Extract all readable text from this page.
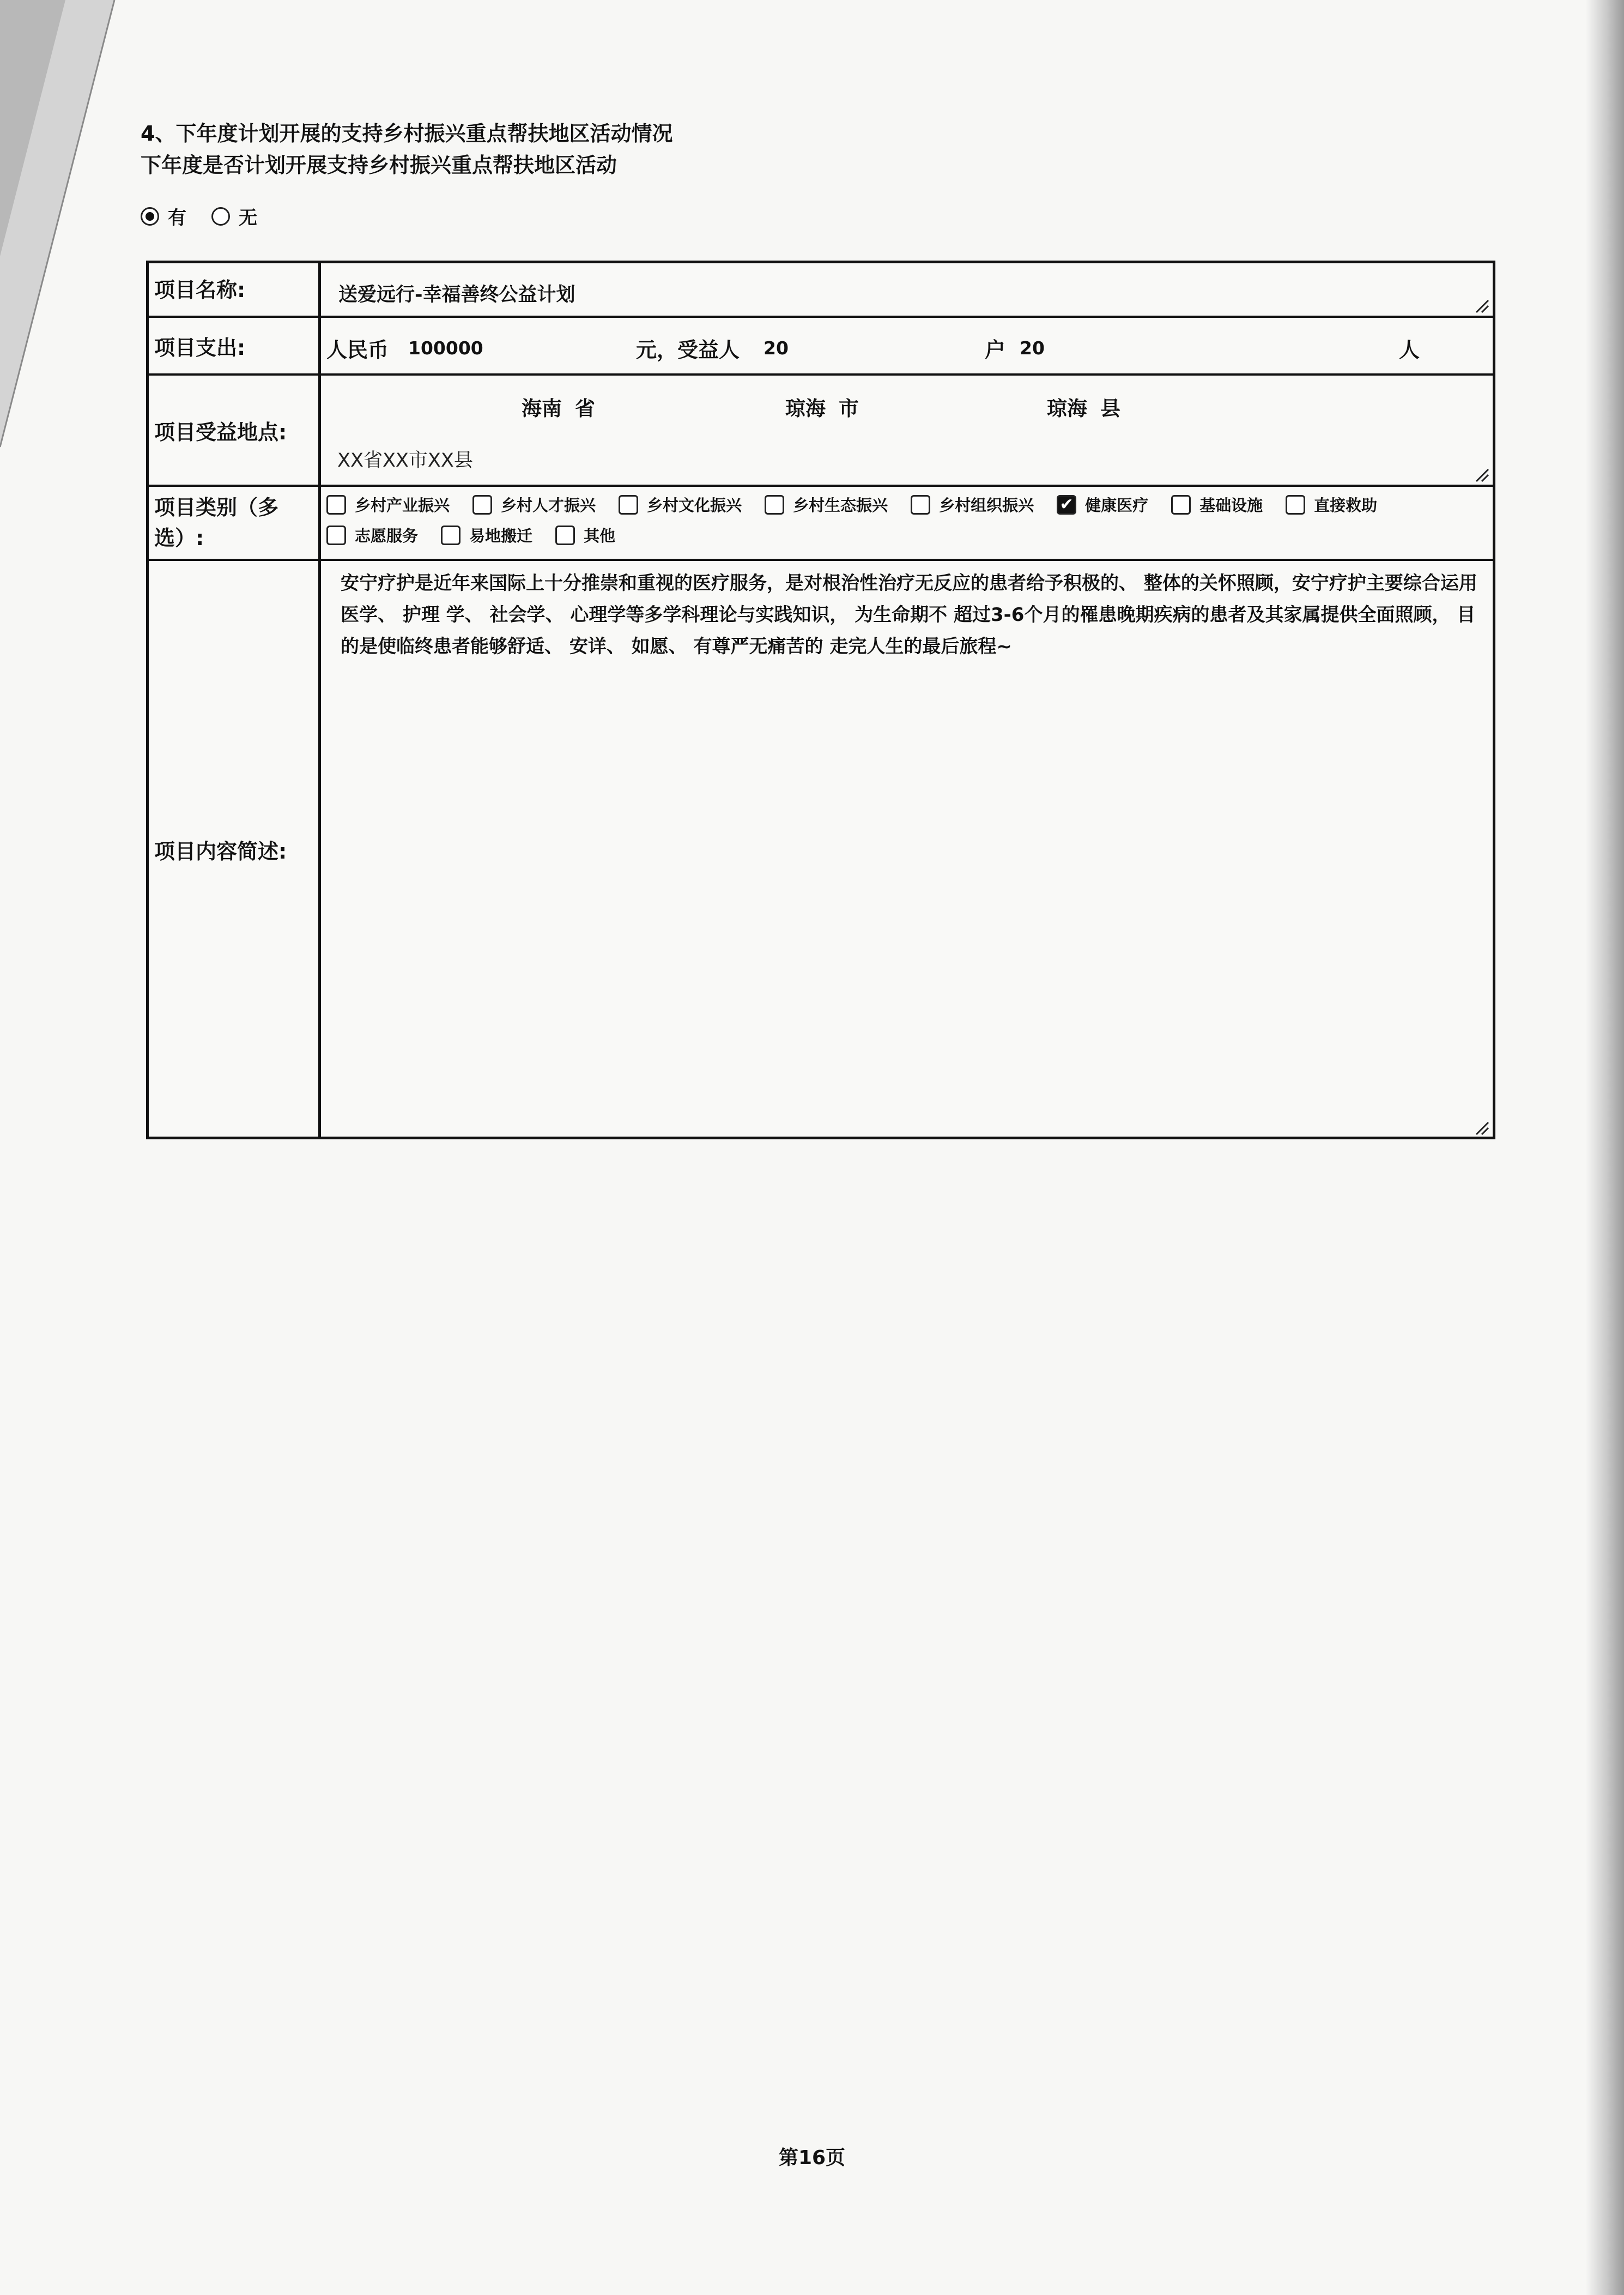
4、下年度计划开展的支持乡村振兴重点帮扶地区活动情况
下年度是否计划开展支持乡村振兴重点帮扶地区活动
有	无
项目名称:	送爱远行-幸福善终公益计划
项目支出:	人民币 100000	元，受益人 20	户 20	人
项目受益地点:
海南 省	琼海 市	琼海 县
XX省XX市XX县
项目类别（多选）:
乡村产业振兴	乡村人才振兴	乡村文化振兴	乡村生态振兴	乡村组织振兴 ✔ 健康医疗	基础设施	直接救助
志愿服务	易地搬迁	其他
项目内容简述:
安宁疗护是近年来国际上十分推崇和重视的医疗服务，是对根治性治疗无反应的患者给予积极的、 整体的关怀照顾，安宁疗护主要综合运用医学、 护理 学、 社会学、 心理学等多学科理论与实践知识， 为生命期不 超过3-6个月的罹患晚期疾病的患者及其家属提供全面照顾， 目的是使临终患者能够舒适、 安详、 如愿、 有尊严无痛苦的 走完人生的最后旅程~
第16页
